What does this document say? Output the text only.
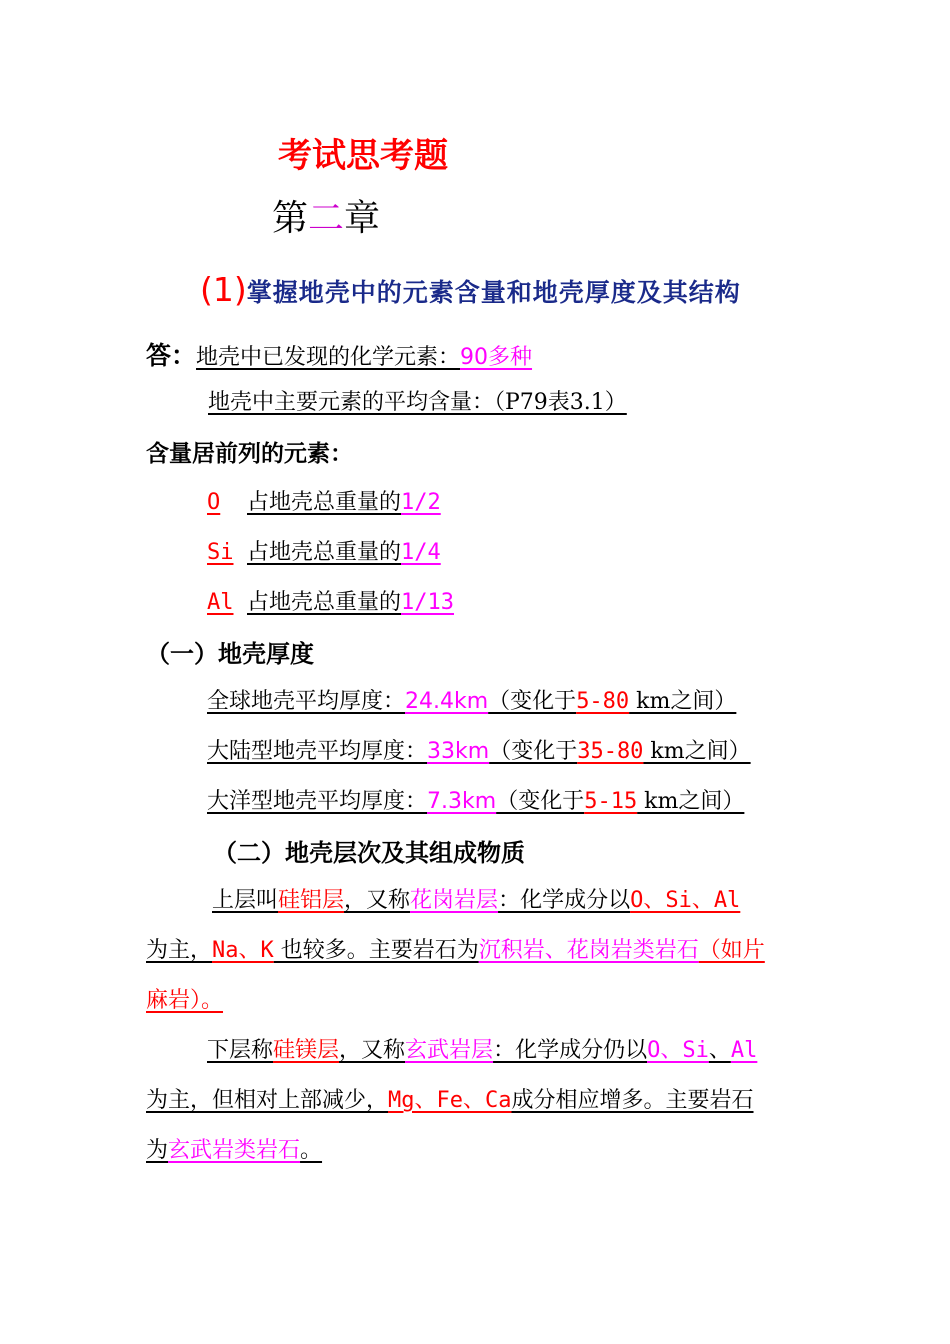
考试思考题
第二章
(1)掌握地壳中的元素含量和地壳厚度及其结构
答：地壳中已发现的化学元素：90多种
地壳中主要元素的平均含量：（P79表3.1）
含量居前列的元素：
O 占地壳总重量的1/2
Si 占地壳总重量的1/4
Al 占地壳总重量的1/13
（一）地壳厚度
全球地壳平均厚度：24.4km（变化于5-80 km之间）
大陆型地壳平均厚度：33km（变化于35-80 km之间）
大洋型地壳平均厚度：7.3km（变化于5-15 km之间）
（二）地壳层次及其组成物质
上层叫硅铝层，又称花岗岩层：化学成分以O、Si、Al
为主，Na、K 也较多。主要岩石为沉积岩、花岗岩类岩石（如片
麻岩）。
下层称硅镁层，又称玄武岩层：化学成分仍以O、Si、Al
为主，但相对上部减少，Mg、Fe、Ca成分相应增多。主要岩石
为玄武岩类岩石。
